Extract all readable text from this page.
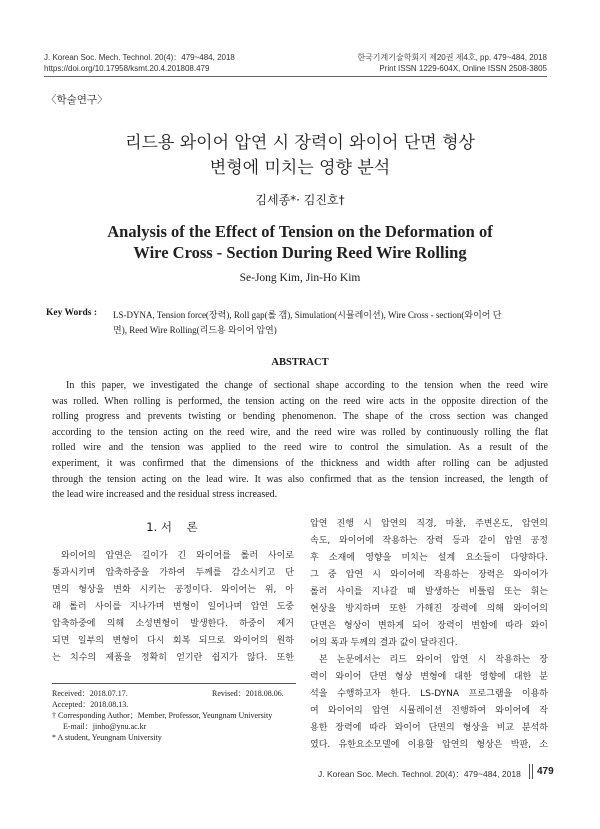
J. Korean Soc. Mech. Technol. 20(4)：479~484, 2018
https://doi.org/10.17958/ksmt.20.4.201808.479
한국기계기술학회지 제20권 제4호, pp. 479~484, 2018
Print ISSN 1229-604X, Online ISSN 2508-3805
〈학술연구〉
리드용 와이어 압연 시 장력이 와이어 단면 형상
변형에 미치는 영향 분석
김세종*· 김진호†
Analysis of the Effect of Tension on the Deformation of
Wire Cross - Section During Reed Wire Rolling
Se-Jong Kim, Jin-Ho Kim
Key Words : LS-DYNA, Tension force(장력), Roll gap(롤 갭), Simulation(시뮬레이션), Wire Cross - section(와이어 단
면), Reed Wire Rolling(리드용 와이어 압연)
ABSTRACT
In this paper, we investigated the change of sectional shape according to the tension when the reed wire
was rolled. When rolling is performed, the tension acting on the reed wire acts in the opposite direction of the
rolling progress and prevents twisting or bending phenomenon. The shape of the cross section was changed
according to the tension acting on the reed wire, and the reed wire was rolled by continuously rolling the flat
rolled wire and the tension was applied to the reed wire to control the simulation. As a result of the
experiment, it was confirmed that the dimensions of the thickness and width after rolling can be adjusted
through the tension acting on the lead wire. It was also confirmed that as the tension increased, the length of
the lead wire increased and the residual stress increased.
1. 서    론
와이어의 압연은 길이가 긴 와이어를 롤러 사이로
통과시키며 압축하중을 가하여 두께를 감소시키고 단
면의 형상을 변화 시키는 공정이다. 와이어는 위, 아
래 롤러 사이를 지나가며 변형이 일어나며 압연 도중
압축하중에 의해 소성변형이 발생한다. 하중이 제거
되면 일부의 변형이 다시 회복 되므로 와이어의 원하
는 치수의 제품을 정확히 얻기란 쉽지가 않다. 또한
Received：2018.07.17.	Revised：2018.08.06.
Accepted：2018.08.13.
† Corresponding Author；Member, Professor, Yeungnam University
E-mail：jinho@ynu.ac.kr
* A student, Yeungnam University
압연 진행 시 압연의 직경, 마찰, 주변온도, 압연의
속도, 와이어에 작용하는 장력 등과 같이 압연 공정
후 소재에 영향을 미치는 설계 요소들이 다양하다.
그 중 압연 시 와이어에 작용하는 장력은 와이어가
롤러 사이를 지나갈 때 발생하는 비틀림 또는 휘는
현상을 방지하며 또한 가해진 장력에 의해 와이어의
단면은 형상이 변하게 되어 장력이 변함에 따라 와이
어의 폭과 두께의 결과 값이 달라진다.
본 논문에서는 리드 와이어 압연 시 작용하는 장
력이 와이어 단면 형상 변형에 대한 영향에 대한 분
석을 수행하고자 한다. LS-DYNA 프로그램을 이용하
여 와이어의 압연 시뮬레이션 진행하여 와이어에 작
용한 장력에 따라 와이어 단면의 형상을 비교 분석하
였다. 유한요소모델에 이용할 압연의 형상은 박판, 소
J. Korean Soc. Mech. Technol. 20(4)：479~484, 2018 479
